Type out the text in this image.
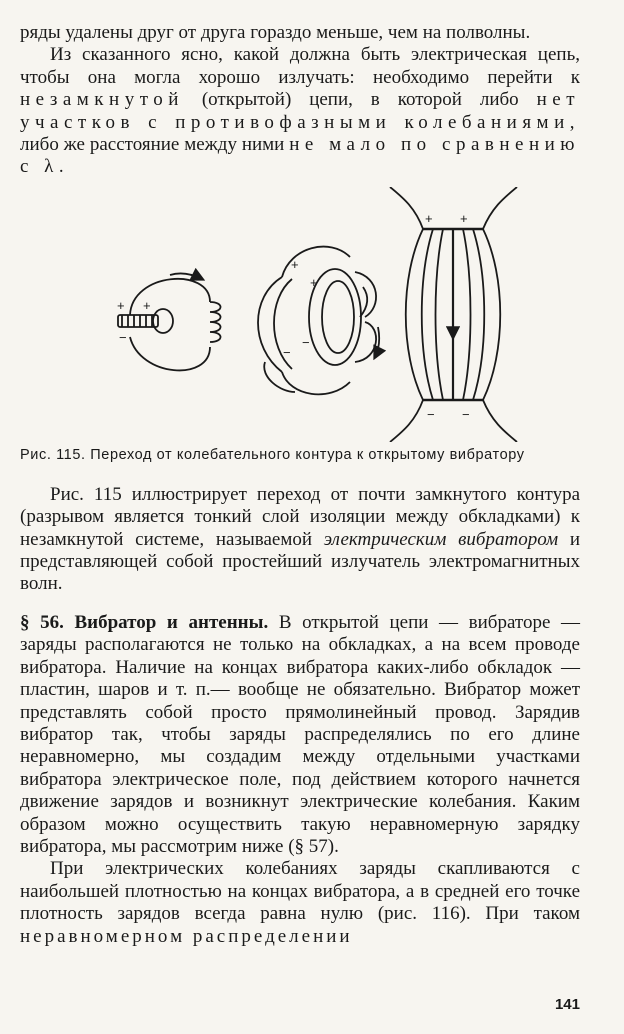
ряды удалены друг от друга гораздо меньше, чем на полволны.

Из сказанного ясно, какой должна быть электрическая цепь, чтобы она могла хорошо излучать: необходимо перейти к незамкнутой (открытой) цепи, в которой либо нет участков с противофазными колебаниями, либо же расстояние между ними не мало по сравнению с λ.

+ +
−
+
+
−
−
+ +
− −
Рис. 115. Переход от колебательного контура к открытому вибратору

Рис. 115 иллюстрирует переход от почти замкнутого контура (разрывом является тонкий слой изоляции между обкладками) к незамкнутой системе, называемой электрическим вибратором и представляющей собой простейший излучатель электромагнитных волн.

§ 56. Вибратор и антенны. В открытой цепи — вибраторе — заряды располагаются не только на обкладках, а на всем проводе вибратора. Наличие на концах вибратора каких-либо обкладок — пластин, шаров и т. п.— вообще не обязательно. Вибратор может представлять собой просто прямолинейный провод. Зарядив вибратор так, чтобы заряды распределялись по его длине неравномерно, мы создадим между отдельными участками вибратора электрическое поле, под действием которого начнется движение зарядов и возникнут электрические колебания. Каким образом можно осуществить такую неравномерную зарядку вибратора, мы рассмотрим ниже (§ 57).

При электрических колебаниях заряды скапливаются с наибольшей плотностью на концах вибратора, а в средней его точке плотность зарядов всегда равна нулю (рис. 116). При таком неравномерном распределении

141
